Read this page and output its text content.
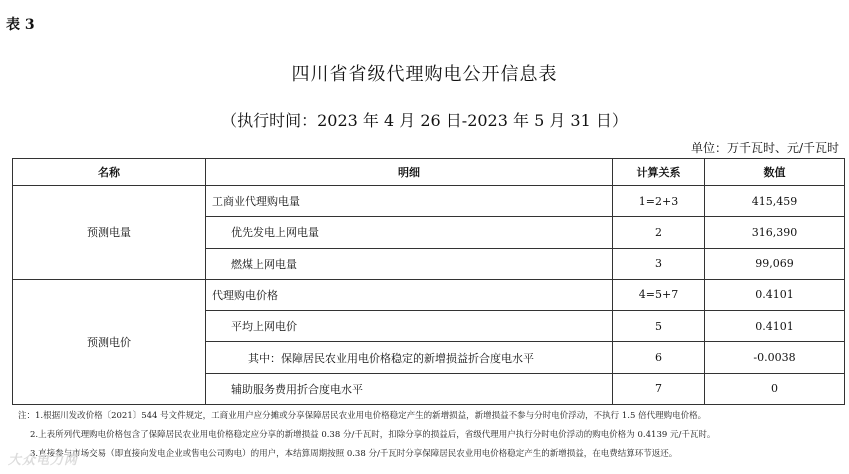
表 3
四川省省级代理购电公开信息表
（执行时间：2023 年 4 月 26 日-2023 年 5 月 31 日）
单位：万千瓦时、元/千瓦时
名称	明细	计算关系	数值
预测电量	工商业代理购电量	1=2+3	415,459
	优先发电上网电量	2	316,390
	燃煤上网电量	3	99,069
预测电价	代理购电价格	4=5+7	0.4101
	平均上网电价	5	0.4101
	其中：保障居民农业用电价格稳定的新增损益折合度电水平	6	-0.0038
	辅助服务费用折合度电水平	7	0
注：1.根据川发改价格〔2021〕544 号文件规定，工商业用户应分摊或分享保障居民农业用电价格稳定产生的新增损益，新增损益不参与分时电价浮动，不执行 1.5 倍代理购电价格。
2.上表所列代理购电价格包含了保障居民农业用电价格稳定应分享的新增损益 0.38 分/千瓦时，扣除分享的损益后，省级代理用户执行分时电价浮动的购电价格为 0.4139 元/千瓦时。
3.直接参与市场交易（即直接向发电企业或售电公司购电）的用户，本结算周期按照 0.38 分/千瓦时分享保障居民农业用电价格稳定产生的新增损益，在电费结算环节返还。
大众电力网
